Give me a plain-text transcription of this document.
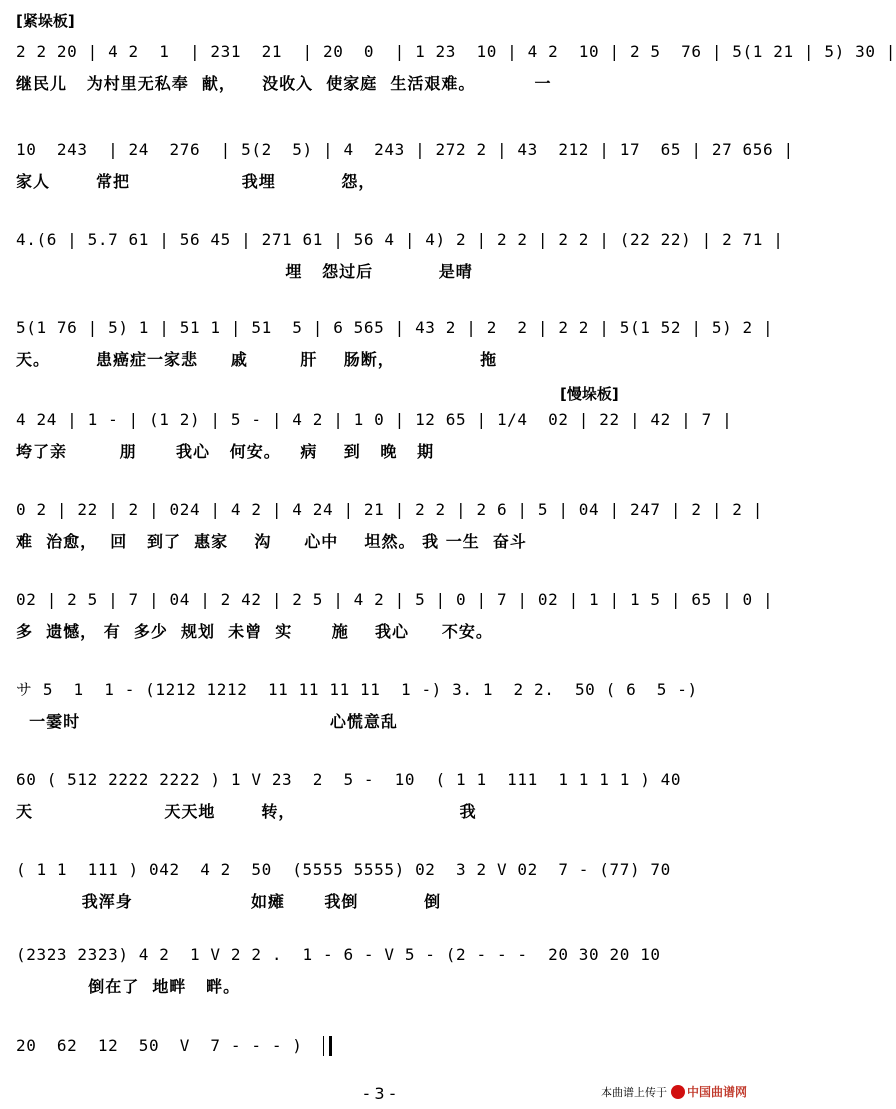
[紧垛板]
2 2 20 | 4 2  1  | 231  21  | 20  0  | 1 23  10 | 4 2  10 | 2 5  76 | 5(1 21 | 5) 30 |
继民儿   为村里无私奉  献，    没收入  使家庭  生活艰难。         一
10  243  | 24  276  | 5(2  5) | 4  243 | 272 2 | 43  212 | 17  65 | 27 656 |
家人       常把                 我埋          怨，
4.(6 | 5.7 61 | 56 45 | 271 61 | 56 4 | 4) 2 | 2 2 | 2 2 | (22 22) | 2 71 |
埋   怨过后          是晴
5(1 76 | 5) 1 | 51 1 | 51  5 | 6 565 | 43 2 | 2  2 | 2 2 | 5(1 52 | 5) 2 |
天。       患癌症一家悲     戚        肝    肠断，             拖
4 24 | 1 - | (1 2) | 5 - | 4 2 | 1 0 | 12 65 | 1/4  02 | 22 | 42 | 7 |
垮了亲        朋      我心   何安。   病    到   晚   期
0 2 | 22 | 2 | 024 | 4 2 | 4 24 | 21 | 2 2 | 2 6 | 5 | 04 | 247 | 2 | 2 |
难  治愈，  回   到了  惠家    沟     心中    坦然。 我 一生  奋斗
02 | 2 5 | 7 | 04 | 2 42 | 2 5 | 4 2 | 5 | 0 | 7 | 02 | 1 | 1 5 | 65 | 0 |
多  遗憾， 有  多少  规划  未曾  实      施    我心     不安。
サ 5  1  1 - (1212 1212  11 11 11 11  1 -) 3. 1  2 2.  50 ( 6  5 -)
一霎时                                      心慌意乱
60 ( 512 2222 2222 ) 1 V 23  2  5 -  10  ( 1 1  111  1 1 1 1 ) 40
天                    天天地       转，                         我
( 1 1  111 ) 042  4 2  50  (5555 5555) 02  3 2 V 02  7 - (77) 70
我浑身                  如瘫      我倒          倒
(2323 2323) 4 2  1 V 2 2 .  1 - 6 - V 5 - (2 - - -  20 30 20 10
倒在了  地畔   畔。
20  62  12  50  V  7 - - - )
[慢垛板]
- 3 -	本曲谱上传于 中国曲谱网
